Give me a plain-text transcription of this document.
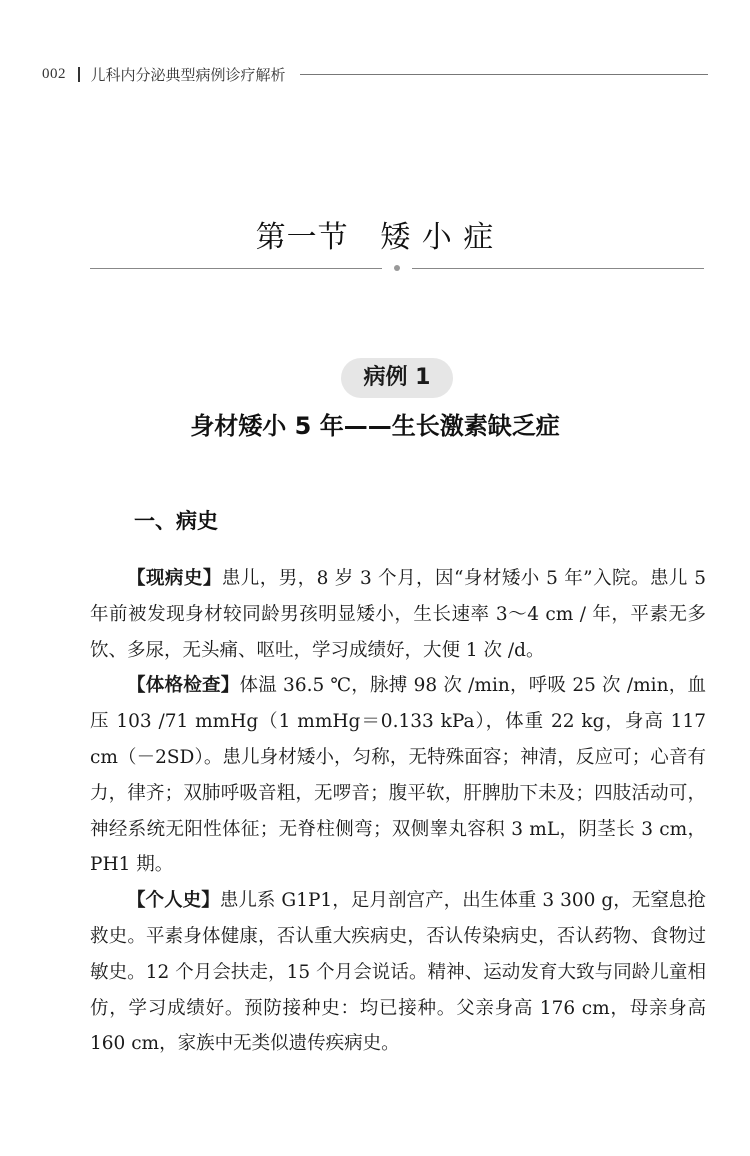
002 儿科内分泌典型病例诊疗解析
第一节   矮 小 症
病例 1
身材矮小 5 年——生长激素缺乏症
一、病史

【现病史】患儿，男，8 岁 3 个月，因“身材矮小 5 年”入院。患儿 5 年前被发现身材较同龄男孩明显矮小，生长速率 3～4 cm / 年，平素无多饮、多尿，无头痛、呕吐，学习成绩好，大便 1 次 /d。

【体格检查】体温 36.5 ℃，脉搏 98 次 /min，呼吸 25 次 /min，血压 103 /71 mmHg（1 mmHg＝0.133 kPa），体重 22 kg，身高 117 cm（－2SD）。患儿身材矮小，匀称，无特殊面容；神清，反应可；心音有力，律齐；双肺呼吸音粗，无啰音；腹平软，肝脾肋下未及；四肢活动可，神经系统无阳性体征；无脊柱侧弯；双侧睾丸容积 3 mL，阴茎长 3 cm，PH1 期。

【个人史】患儿系 G1P1，足月剖宫产，出生体重 3 300 g，无窒息抢救史。平素身体健康，否认重大疾病史，否认传染病史，否认药物、食物过敏史。12 个月会扶走，15 个月会说话。精神、运动发育大致与同龄儿童相仿，学习成绩好。预防接种史：均已接种。父亲身高 176 cm，母亲身高 160 cm，家族中无类似遗传疾病史。
